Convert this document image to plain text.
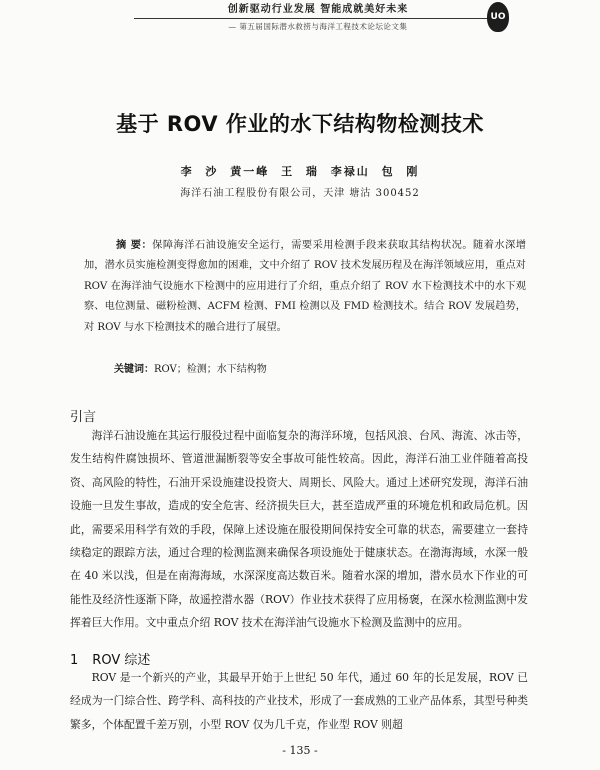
创新驱动行业发展 智能成就美好未来
— 第五届国际潜水救捞与海洋工程技术论坛论文集
UO
基于 ROV 作业的水下结构物检测技术
李 沙 黄一峰 王 瑞 李禄山 包 刚
海洋石油工程股份有限公司，天津 塘沽 300452
摘 要：保障海洋石油设施安全运行，需要采用检测手段来获取其结构状况。随着水深增加，潜水员实施检测变得愈加的困难，文中介绍了 ROV 技术发展历程及在海洋领域应用，重点对 ROV 在海洋油气设施水下检测中的应用进行了介绍，重点介绍了 ROV 水下检测技术中的水下观察、电位测量、磁粉检测、ACFM 检测、FMI 检测以及 FMD 检测技术。结合 ROV 发展趋势，对 ROV 与水下检测技术的融合进行了展望。
关键词：ROV；检测；水下结构物
引言

海洋石油设施在其运行服役过程中面临复杂的海洋环境，包括风浪、台风、海流、冰击等，发生结构件腐蚀损坏、管道泄漏断裂等安全事故可能性较高。因此，海洋石油工业伴随着高投资、高风险的特性，石油开采设施建设投资大、周期长、风险大。通过上述研究发现，海洋石油设施一旦发生事故，造成的安全危害、经济损失巨大，甚至造成严重的环境危机和政局危机。因此，需要采用科学有效的手段，保障上述设施在服役期间保持安全可靠的状态，需要建立一套持续稳定的跟踪方法，通过合理的检测监测来确保各项设施处于健康状态。在渤海海域，水深一般在 40 米以浅，但是在南海海域，水深深度高达数百米。随着水深的增加，潜水员水下作业的可能性及经济性逐渐下降，故遥控潜水器（ROV）作业技术获得了应用杨褒，在深水检测监测中发挥着巨大作用。文中重点介绍 ROV 技术在海洋油气设施水下检测及监测中的应用。

1 ROV 综述

ROV 是一个新兴的产业，其最早开始于上世纪 50 年代，通过 60 年的长足发展，ROV 已经成为一门综合性、跨学科、高科技的产业技术，形成了一套成熟的工业产品体系，其型号种类繁多，个体配置千差万别，小型 ROV 仅为几千克，作业型 ROV 则超

- 135 -
